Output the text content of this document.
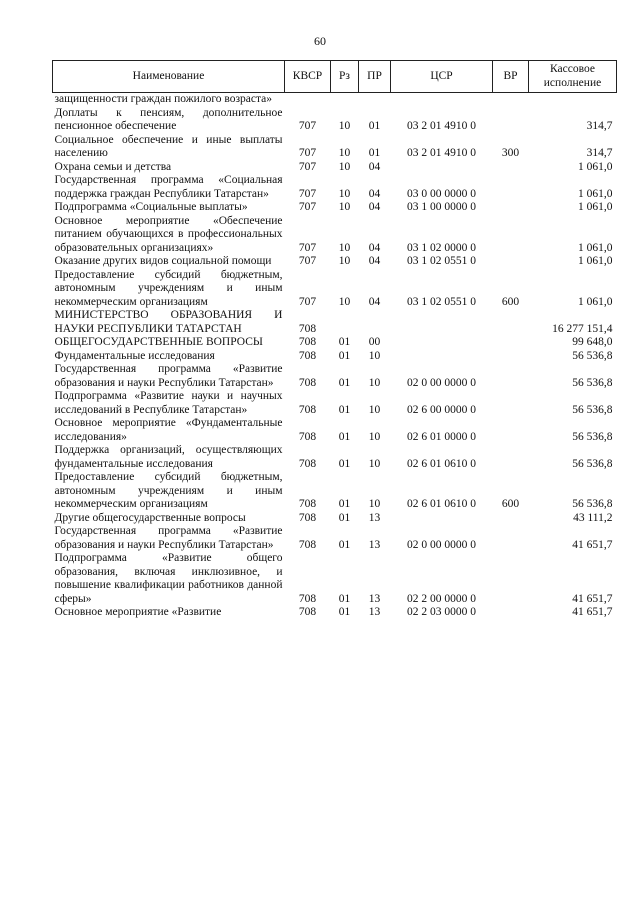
60
Наименование	КВСР	Рз	ПР	ЦСР	ВР	Кассовое исполнение
защищенности граждан пожилого возраста»						
Доплаты к пенсиям, дополнительное пенсионное обеспечение	707	10	01	03 2 01 4910 0		314,7
Социальное обеспечение и иные выплаты населению	707	10	01	03 2 01 4910 0	300	314,7
Охрана семьи и детства	707	10	04			1 061,0
Государственная программа «Социальная поддержка граждан Республики Татарстан»	707	10	04	03 0 00 0000 0		1 061,0
Подпрограмма «Социальные выплаты»	707	10	04	03 1 00 0000 0		1 061,0
Основное мероприятие «Обеспечение питанием обучающихся в профессиональных образовательных организациях»	707	10	04	03 1 02 0000 0		1 061,0
Оказание других видов социальной помощи	707	10	04	03 1 02 0551 0		1 061,0
Предоставление субсидий бюджетным, автономным учреждениям и иным некоммерческим организациям	707	10	04	03 1 02 0551 0	600	1 061,0
МИНИСТЕРСТВО ОБРАЗОВАНИЯ И НАУКИ РЕСПУБЛИКИ ТАТАРСТАН	708					16 277 151,4
ОБЩЕГОСУДАРСТВЕННЫЕ ВОПРОСЫ	708	01	00			99 648,0
Фундаментальные исследования	708	01	10			56 536,8
Государственная программа «Развитие образования и науки Республики Татарстан»	708	01	10	02 0 00 0000 0		56 536,8
Подпрограмма «Развитие науки и научных исследований в Республике Татарстан»	708	01	10	02 6 00 0000 0		56 536,8
Основное мероприятие «Фундаментальные исследования»	708	01	10	02 6 01 0000 0		56 536,8
Поддержка организаций, осуществляющих фундаментальные исследования	708	01	10	02 6 01 0610 0		56 536,8
Предоставление субсидий бюджетным, автономным учреждениям и иным некоммерческим организациям	708	01	10	02 6 01 0610 0	600	56 536,8
Другие общегосударственные вопросы	708	01	13			43 111,2
Государственная программа «Развитие образования и науки Республики Татарстан»	708	01	13	02 0 00 0000 0		41 651,7
Подпрограмма «Развитие общего образования, включая инклюзивное, и повышение квалификации работников данной сферы»	708	01	13	02 2 00 0000 0		41 651,7
Основное мероприятие «Развитие	708	01	13	02 2 03 0000 0		41 651,7
